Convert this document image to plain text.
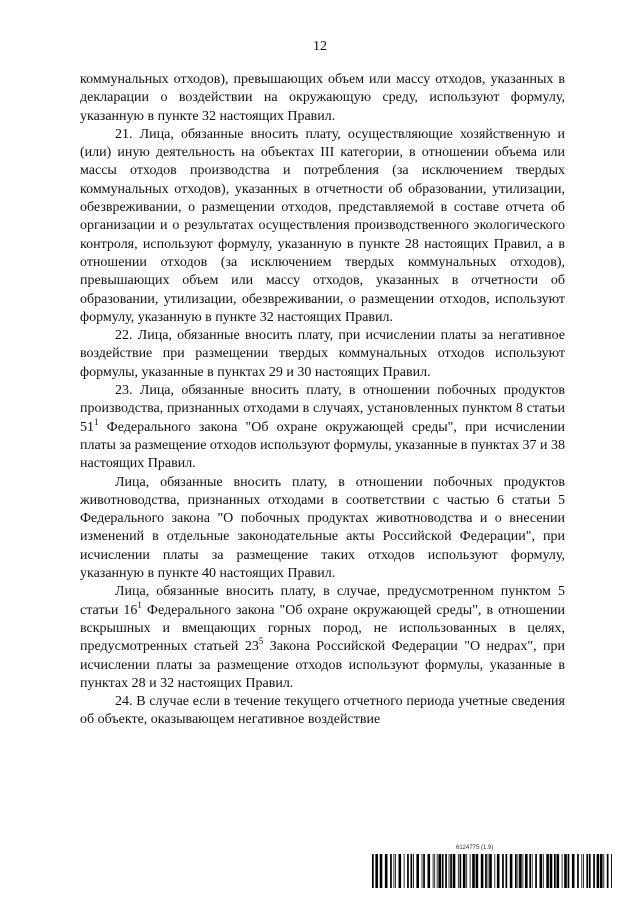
12

коммунальных отходов), превышающих объем или массу отходов, указанных в декларации о воздействии на окружающую среду, используют формулу, указанную в пункте 32 настоящих Правил.

21. Лица, обязанные вносить плату, осуществляющие хозяйственную и (или) иную деятельность на объектах III категории, в отношении объема или массы отходов производства и потребления (за исключением твердых коммунальных отходов), указанных в отчетности об образовании, утилизации, обезвреживании, о размещении отходов, представляемой в составе отчета об организации и о результатах осуществления производственного экологического контроля, используют формулу, указанную в пункте 28 настоящих Правил, а в отношении отходов (за исключением твердых коммунальных отходов), превышающих объем или массу отходов, указанных в отчетности об образовании, утилизации, обезвреживании, о размещении отходов, используют формулу, указанную в пункте 32 настоящих Правил.

22. Лица, обязанные вносить плату, при исчислении платы за негативное воздействие при размещении твердых коммунальных отходов используют формулы, указанные в пунктах 29 и 30 настоящих Правил.

23. Лица, обязанные вносить плату, в отношении побочных продуктов производства, признанных отходами в случаях, установленных пунктом 8 статьи $51^1$ Федерального закона "Об охране окружающей среды", при исчислении платы за размещение отходов используют формулы, указанные в пунктах 37 и 38 настоящих Правил.

Лица, обязанные вносить плату, в отношении побочных продуктов животноводства, признанных отходами в соответствии с частью 6 статьи 5 Федерального закона "О побочных продуктах животноводства и о внесении изменений в отдельные законодательные акты Российской Федерации", при исчислении платы за размещение таких отходов используют формулу, указанную в пункте 40 настоящих Правил.

Лица, обязанные вносить плату, в случае, предусмотренном пунктом 5 статьи $16^1$ Федерального закона "Об охране окружающей среды", в отношении вскрышных и вмещающих горных пород, не использованных в целях, предусмотренных статьей $23^5$ Закона Российской Федерации "О недрах", при исчислении платы за размещение отходов используют формулы, указанные в пунктах 28 и 32 настоящих Правил.

24. В случае если в течение текущего отчетного периода учетные сведения об объекте, оказывающем негативное воздействие

6124775 (1.9)
